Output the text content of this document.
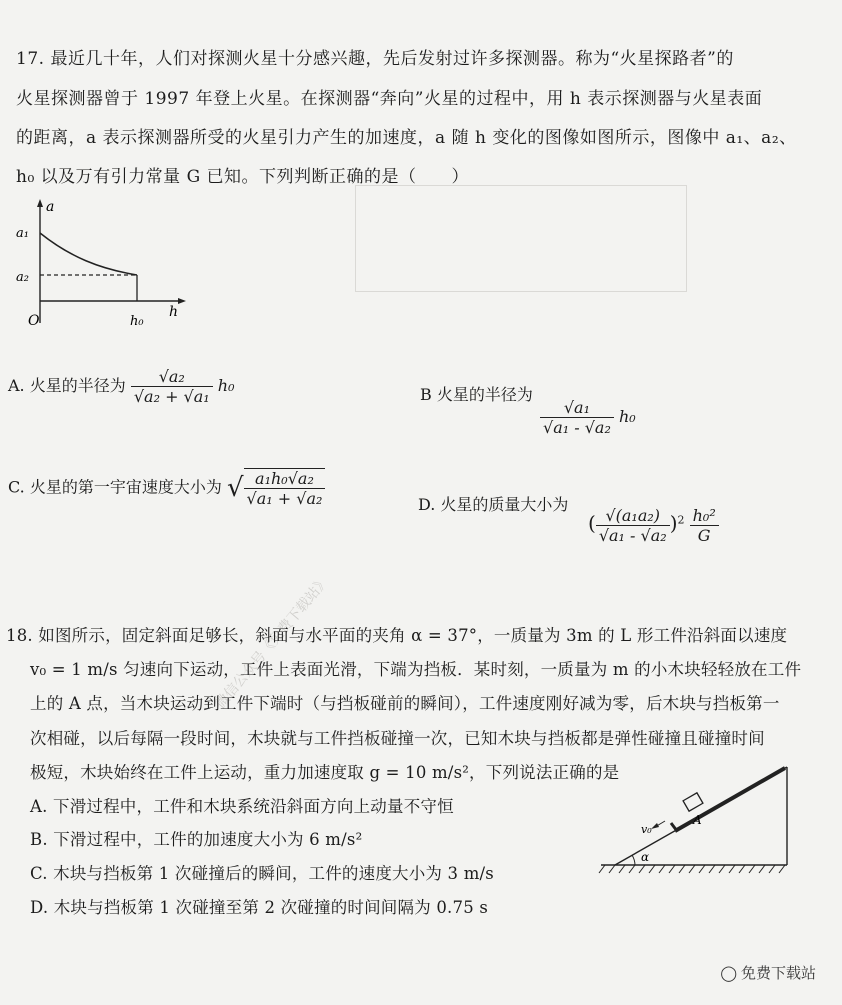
17. 最近几十年，人们对探测火星十分感兴趣，先后发射过许多探测器。称为“火星探路者”的

火星探测器曾于 1997 年登上火星。在探测器“奔向”火星的过程中，用 h 表示探测器与火星表面

的距离，a 表示探测器所受的火星引力产生的加速度，a 随 h 变化的图像如图所示，图像中 a₁、a₂、

h₀ 以及万有引力常量 G 已知。下列判断正确的是（　　）

a
a₁
a₂
O	h₀
h
A. 火星的半径为 $\frac{\text{√a₂}}{\text{√a₂ + √a₁}} h_0$	B 火星的半径为
$\frac{\text{√a₁}}{\text{√a₁ - √a₂}} h_0$
C. 火星的第一宇宙速度大小为 √ $\frac{\text{a₁h₀√a₂}}{\text{√a₁ + √a₂}}$	D. 火星的质量大小为
( $\frac{\text{√(a₁a₂)}}{\text{√a₁ - √a₂}} )^2 \frac{\text{h₀²}}{G}$
微信公众号《免费下载站》

18. 如图所示，固定斜面足够长，斜面与水平面的夹角 α = 37°，一质量为 3m 的 L 形工件沿斜面以速度

v₀ = 1 m/s 匀速向下运动，工件上表面光滑，下端为挡板．某时刻，一质量为 m 的小木块轻轻放在工件

上的 A 点，当木块运动到工件下端时（与挡板碰前的瞬间），工件速度刚好减为零，后木块与挡板第一

次相碰，以后每隔一段时间，木块就与工件挡板碰撞一次，已知木块与挡板都是弹性碰撞且碰撞时间

极短，木块始终在工件上运动，重力加速度取 g = 10 m/s²，下列说法正确的是

A. 下滑过程中，工件和木块系统沿斜面方向上动量不守恒

B. 下滑过程中，工件的加速度大小为 6 m/s²

C. 木块与挡板第 1 次碰撞后的瞬间，工件的速度大小为 3 m/s

D. 木块与挡板第 1 次碰撞至第 2 次碰撞的时间间隔为 0.75 s

α
A
v₀
◯ 免费下载站
